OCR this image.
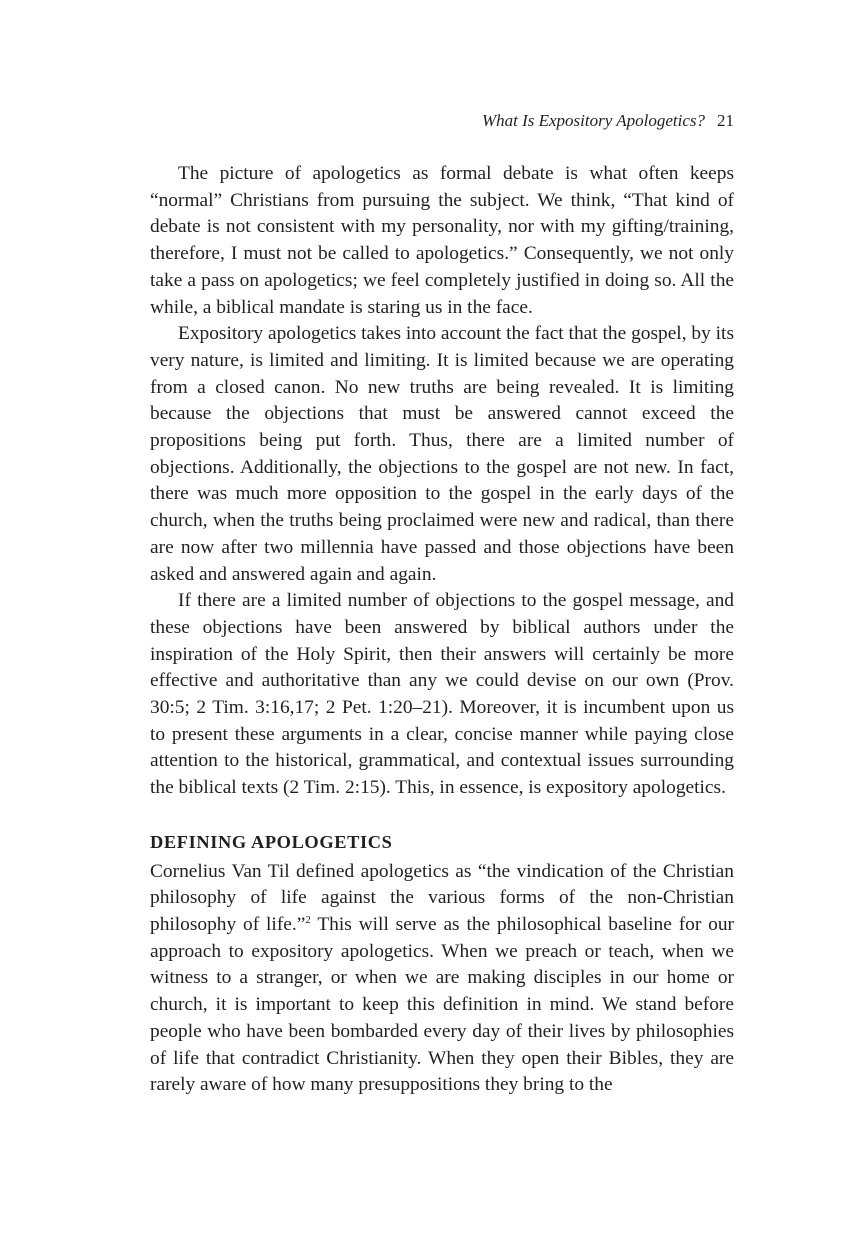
What Is Expository Apologetics? 21

The picture of apologetics as formal debate is what often keeps “normal” Christians from pursuing the subject. We think, “That kind of debate is not consistent with my personality, nor with my gifting/​training, therefore, I must not be called to apologetics.” Consequently, we not only take a pass on apologetics; we feel completely justified in doing so. All the while, a biblical mandate is staring us in the face.

Expository apologetics takes into account the fact that the gospel, by its very nature, is limited and limiting. It is limited because we are operating from a closed canon. No new truths are being revealed. It is limiting because the objections that must be answered cannot exceed the propositions being put forth. Thus, there are a limited number of objections. Additionally, the objections to the gospel are not new. In fact, there was much more opposition to the gospel in the early days of the church, when the truths being proclaimed were new and radical, than there are now after two millennia have passed and those objections have been asked and answered again and again.

If there are a limited number of objections to the gospel message, and these objections have been answered by biblical authors under the inspiration of the Holy Spirit, then their answers will certainly be more effective and authoritative than any we could devise on our own (Prov. 30:5; 2 Tim. 3:16,17; 2 Pet. 1:20–21). Moreover, it is incumbent upon us to present these arguments in a clear, concise manner while paying close attention to the historical, grammatical, and contextual issues surrounding the biblical texts (2 Tim. 2:15). This, in essence, is expository apologetics.

DEFINING APOLOGETICS

Cornelius Van Til defined apologetics as “the vindication of the Christian philosophy of life against the various forms of the non-Christian philosophy of life.”$^2$ This will serve as the philosophical baseline for our approach to expository apologetics. When we preach or teach, when we witness to a stranger, or when we are making disciples in our home or church, it is important to keep this definition in mind. We stand before people who have been bombarded every day of their lives by philosophies of life that contradict Christianity. When they open their Bibles, they are rarely aware of how many presuppositions they bring to the
